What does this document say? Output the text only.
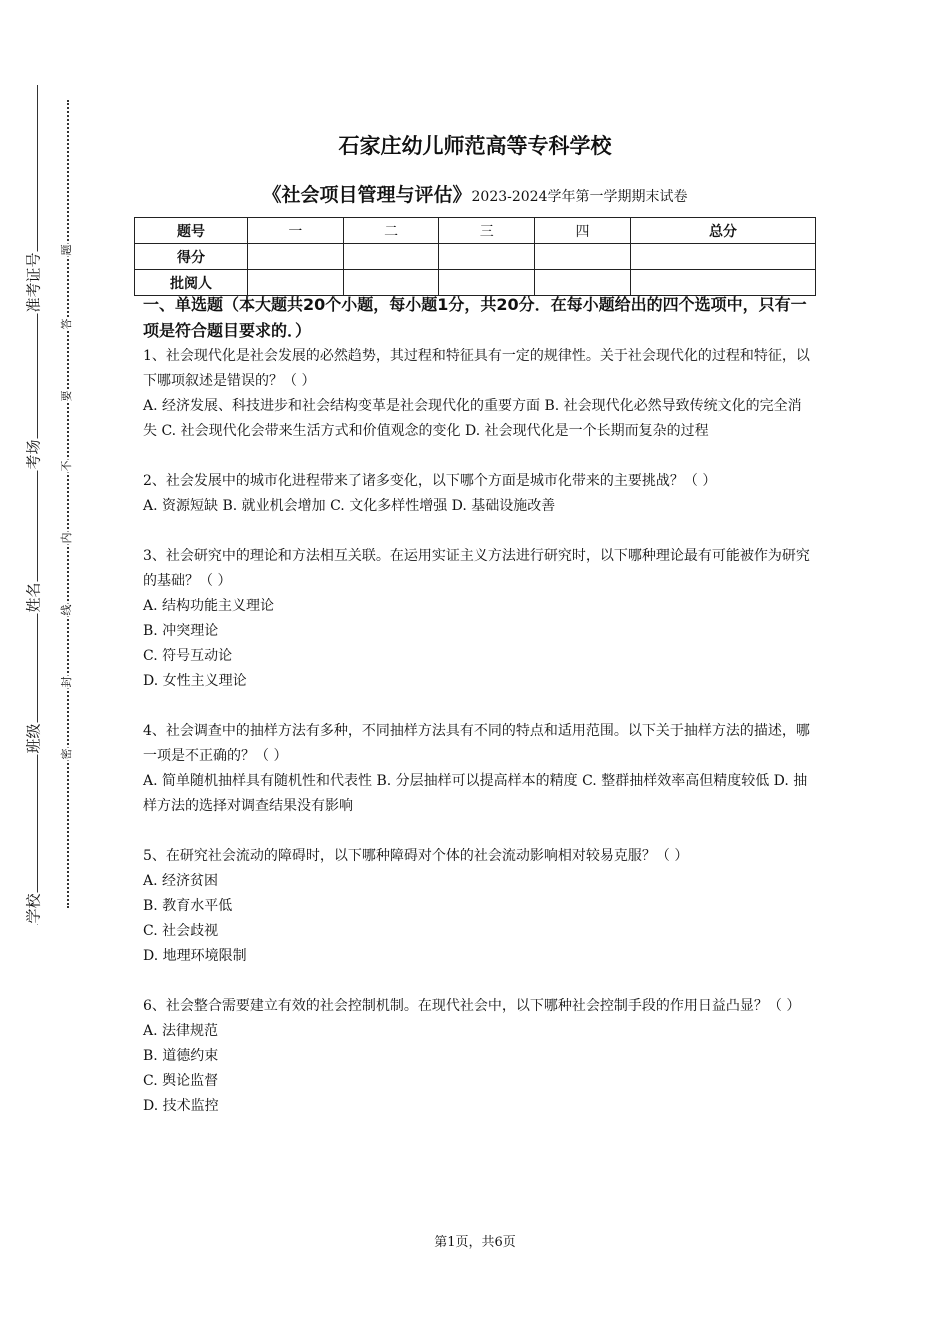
准考证号
考场
姓名
班级
学校
题
答
要
不
内
线
封
密
石家庄幼儿师范高等专科学校
《社会项目管理与评估》2023-2024学年第一学期期末试卷
题号	一	二	三	四	总分
得分					
批阅人					
一、单选题（本大题共20个小题，每小题1分，共20分．在每小题给出的四个选项中，只有一项是符合题目要求的．）
1、社会现代化是社会发展的必然趋势，其过程和特征具有一定的规律性。关于社会现代化的过程和特征，以下哪项叙述是错误的？（ ）
A. 经济发展、科技进步和社会结构变革是社会现代化的重要方面 B. 社会现代化必然导致传统文化的完全消失 C. 社会现代化会带来生活方式和价值观念的变化 D. 社会现代化是一个长期而复杂的过程
2、社会发展中的城市化进程带来了诸多变化，以下哪个方面是城市化带来的主要挑战？（ ）
A. 资源短缺 B. 就业机会增加 C. 文化多样性增强 D. 基础设施改善
3、社会研究中的理论和方法相互关联。在运用实证主义方法进行研究时，以下哪种理论最有可能被作为研究的基础？（ ）
A. 结构功能主义理论
B. 冲突理论
C. 符号互动论
D. 女性主义理论
4、社会调查中的抽样方法有多种，不同抽样方法具有不同的特点和适用范围。以下关于抽样方法的描述，哪一项是不正确的？（ ）
A. 简单随机抽样具有随机性和代表性 B. 分层抽样可以提高样本的精度 C. 整群抽样效率高但精度较低 D. 抽样方法的选择对调查结果没有影响
5、在研究社会流动的障碍时，以下哪种障碍对个体的社会流动影响相对较易克服？（ ）
A. 经济贫困
B. 教育水平低
C. 社会歧视
D. 地理环境限制
6、社会整合需要建立有效的社会控制机制。在现代社会中，以下哪种社会控制手段的作用日益凸显？（ ）
A. 法律规范
B. 道德约束
C. 舆论监督
D. 技术监控
第1页，共6页
